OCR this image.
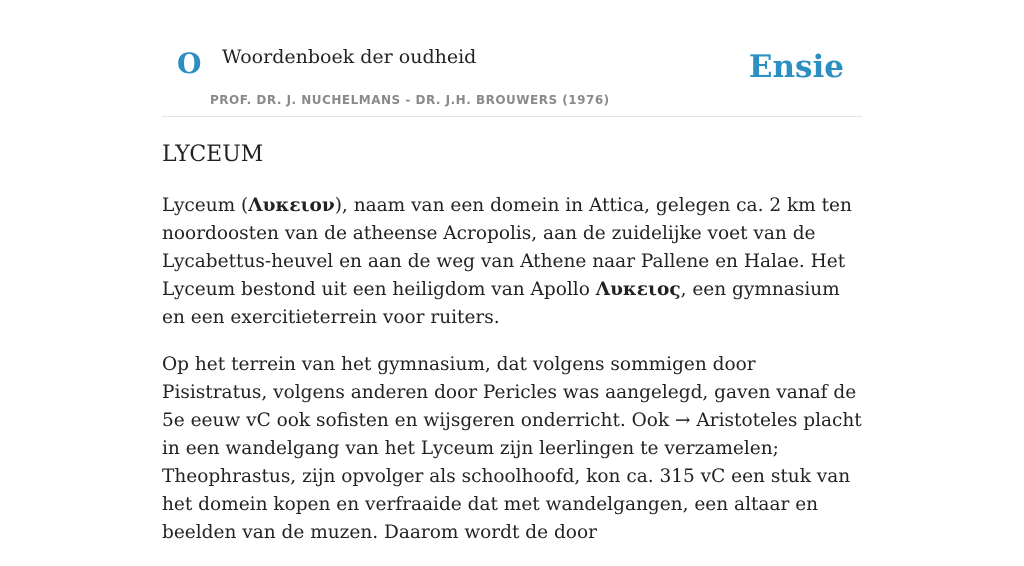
O Woordenboek der oudheid
PROF. DR. J. NUCHELMANS - DR. J.H. BROUWERS (1976)
Ensie
LYCEUM

Lyceum (Λυκειον), naam van een domein in Attica, gelegen ca. 2 km ten noordoosten van de atheense Acropolis, aan de zuidelijke voet van de Lycabettus-heuvel en aan de weg van Athene naar Pallene en Halae. Het Lyceum bestond uit een heiligdom van Apollo Λυκειος, een gymnasium en een exercitieterrein voor ruiters.

Op het terrein van het gymnasium, dat volgens sommigen door Pisistratus, volgens anderen door Pericles was aangelegd, gaven vanaf de 5e eeuw vC ook sofisten en wijsgeren onderricht. Ook → Aristoteles placht in een wandelgang van het Lyceum zijn leerlingen te verzamelen; Theophrastus, zijn opvolger als schoolhoofd, kon ca. 315 vC een stuk van het domein kopen en verfraaide dat met wandelgangen, een altaar en beelden van de muzen. Daarom wordt de door
